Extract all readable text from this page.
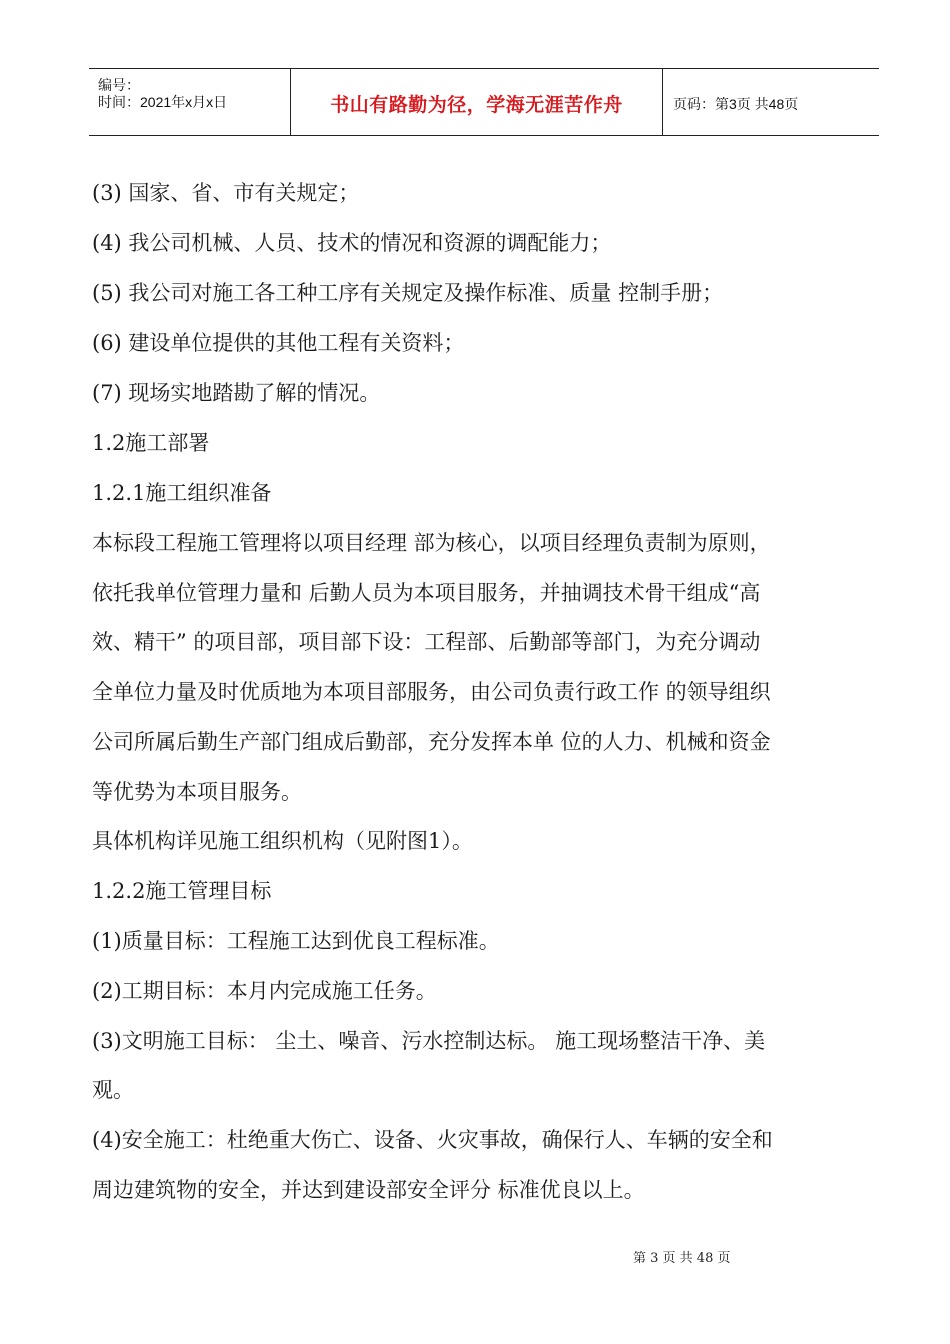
编号：
时间：2021年x月x日	书山有路勤为径，学海无涯苦作舟	页码：第3页 共48页
(3) 国家、省、市有关规定；
(4) 我公司机械、人员、技术的情况和资源的调配能力；
(5) 我公司对施工各工种工序有关规定及操作标准、质量 控制手册；
(6) 建设单位提供的其他工程有关资料；
(7) 现场实地踏勘了解的情况。
1.2施工部署
1.2.1施工组织准备
本标段工程施工管理将以项目经理 部为核心，以项目经理负责制为原则，
依托我单位管理力量和 后勤人员为本项目服务，并抽调技术骨干组成“高
效、精干” 的项目部，项目部下设：工程部、后勤部等部门，为充分调动
全单位力量及时优质地为本项目部服务，由公司负责行政工作 的领导组织
公司所属后勤生产部门组成后勤部，充分发挥本单 位的人力、机械和资金
等优势为本项目服务。
具体机构详见施工组织机构（见附图1）。
1.2.2施工管理目标
(1)质量目标：工程施工达到优良工程标准。
(2)工期目标：本月内完成施工任务。
(3)文明施工目标： 尘土、噪音、污水控制达标。 施工现场整洁干净、美
观。
(4)安全施工：杜绝重大伤亡、设备、火灾事故，确保行人、车辆的安全和
周边建筑物的安全，并达到建设部安全评分 标准优良以上。
第 3 页 共 48 页
